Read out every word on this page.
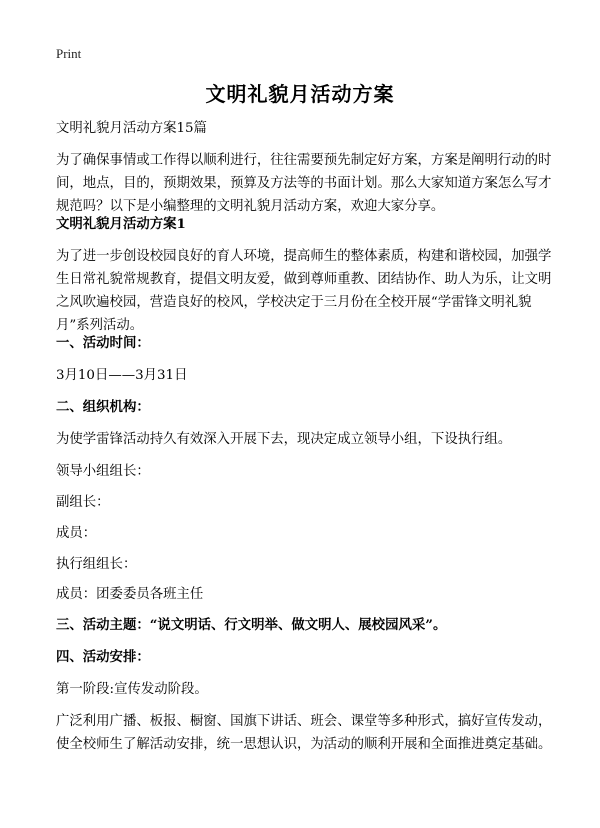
Print
文明礼貌月活动方案

文明礼貌月活动方案15篇

为了确保事情或工作得以顺利进行，往往需要预先制定好方案，方案是阐明行动的时间，地点，目的，预期效果，预算及方法等的书面计划。那么大家知道方案怎么写才规范吗？以下是小编整理的文明礼貌月活动方案，欢迎大家分享。

文明礼貌月活动方案1

为了进一步创设校园良好的育人环境，提高师生的整体素质，构建和谐校园，加强学生日常礼貌常规教育，提倡文明友爱，做到尊师重教、团结协作、助人为乐，让文明之风吹遍校园，营造良好的校风，学校决定于三月份在全校开展“学雷锋文明礼貌月”系列活动。

一、活动时间：

3月10日——3月31日

二、组织机构：

为使学雷锋活动持久有效深入开展下去，现决定成立领导小组，下设执行组。

领导小组组长：

副组长：

成员：

执行组组长：

成员：团委委员各班主任

三、活动主题：“说文明话、行文明举、做文明人、展校园风采”。

四、活动安排：

第一阶段:宣传发动阶段。

广泛利用广播、板报、橱窗、国旗下讲话、班会、课堂等多种形式，搞好宣传发动，使全校师生了解活动安排，统一思想认识，为活动的顺利开展和全面推进奠定基础。
